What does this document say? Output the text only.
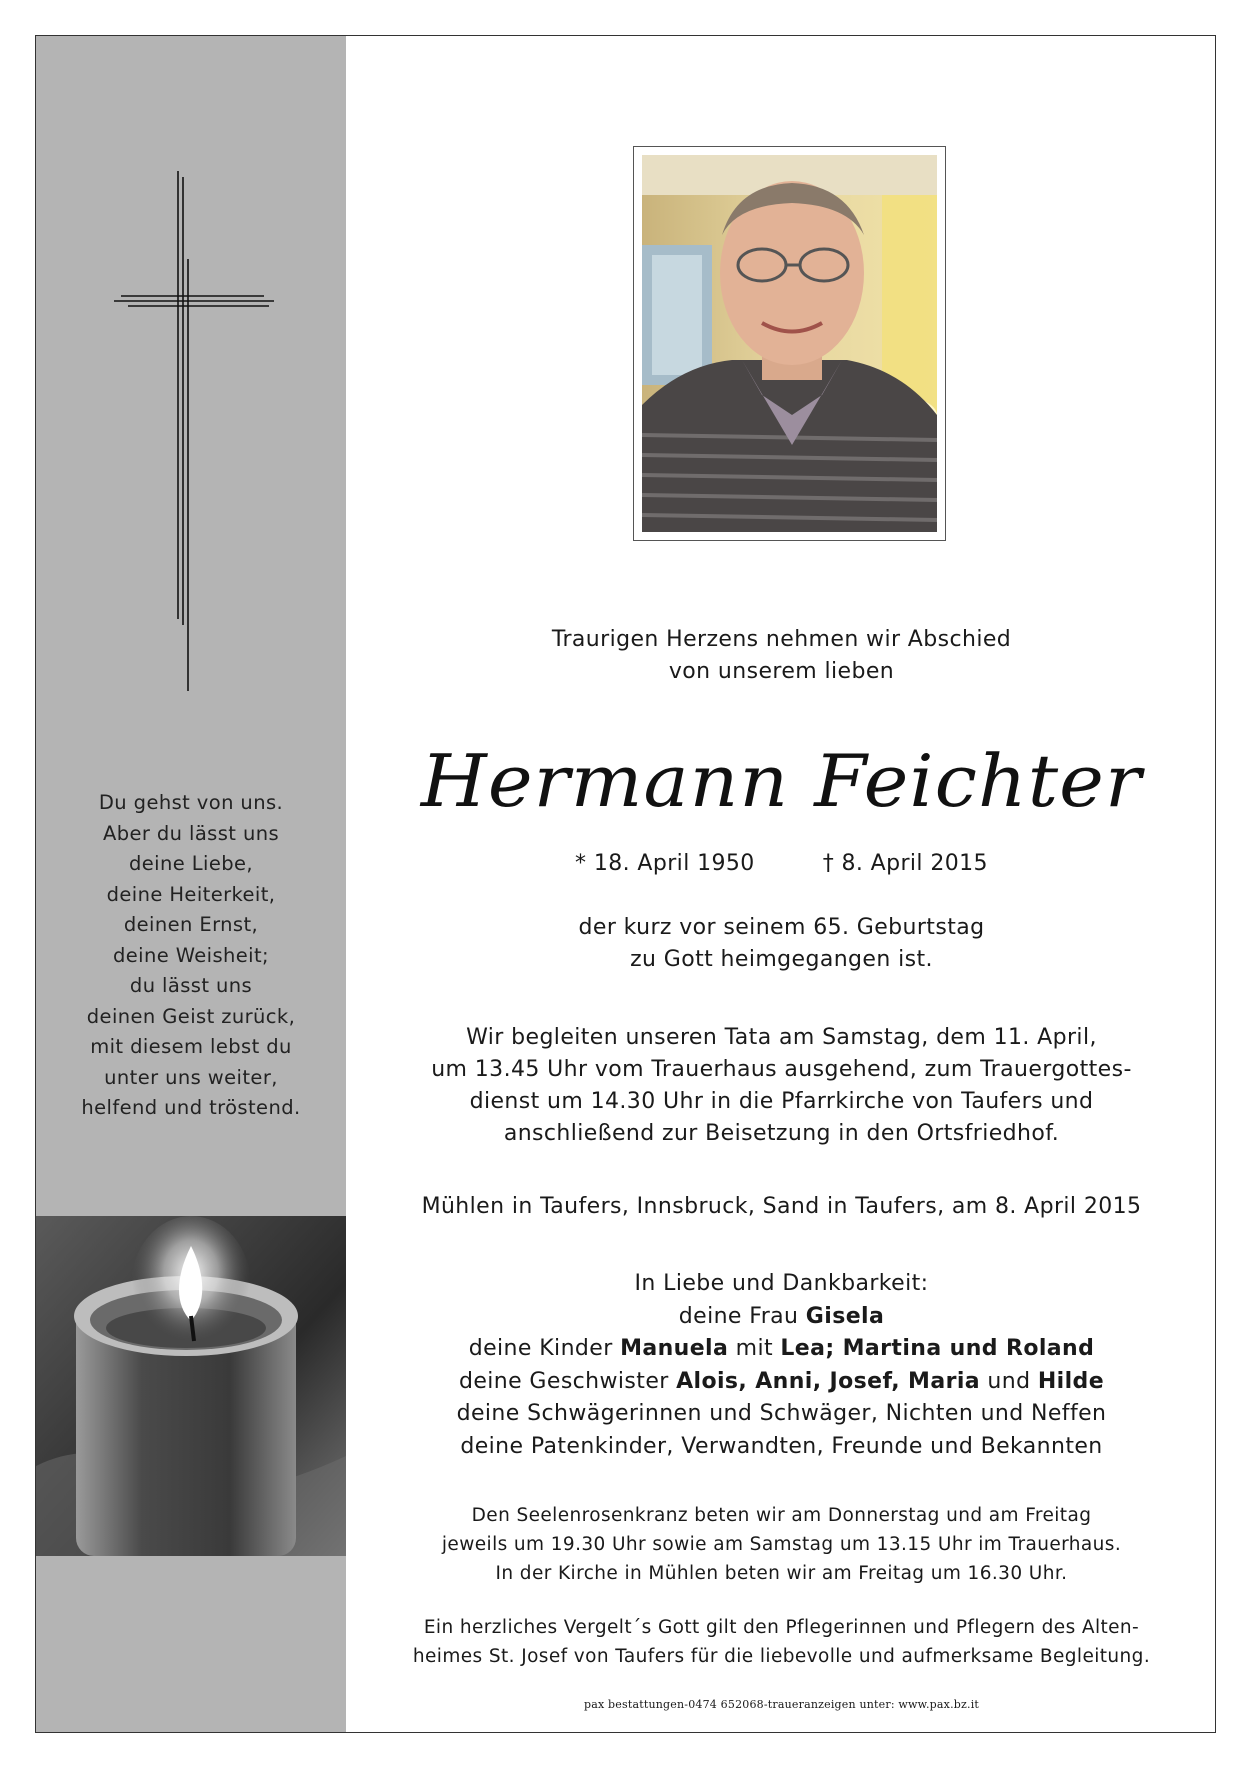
Du gehst von uns.
Aber du lässt uns
deine Liebe,
deine Heiterkeit,
deinen Ernst,
deine Weisheit;
du lässt uns
deinen Geist zurück,
mit diesem lebst du
unter uns weiter,
helfend und tröstend.
Traurigen Herzens nehmen wir Abschied
von unserem lieben
Hermann Feichter
* 18. April 1950	† 8. April 2015
der kurz vor seinem 65. Geburtstag
zu Gott heimgegangen ist.
Wir begleiten unseren Tata am Samstag, dem 11. April,
um 13.45 Uhr vom Trauerhaus ausgehend, zum Trauergottes-
dienst um 14.30 Uhr in die Pfarrkirche von Taufers und
anschließend zur Beisetzung in den Ortsfriedhof.
Mühlen in Taufers, Innsbruck, Sand in Taufers, am 8. April 2015
In Liebe und Dankbarkeit:
deine Frau Gisela
deine Kinder Manuela mit Lea; Martina und Roland
deine Geschwister Alois, Anni, Josef, Maria und Hilde
deine Schwägerinnen und Schwäger, Nichten und Neffen
deine Patenkinder, Verwandten, Freunde und Bekannten
Den Seelenrosenkranz beten wir am Donnerstag und am Freitag
jeweils um 19.30 Uhr sowie am Samstag um 13.15 Uhr im Trauerhaus.
In der Kirche in Mühlen beten wir am Freitag um 16.30 Uhr.
Ein herzliches Vergelt´s Gott gilt den Pflegerinnen und Pflegern des Alten-
heimes St. Josef von Taufers für die liebevolle und aufmerksame Begleitung.
pax bestattungen-0474 652068-traueranzeigen unter: www.pax.bz.it
